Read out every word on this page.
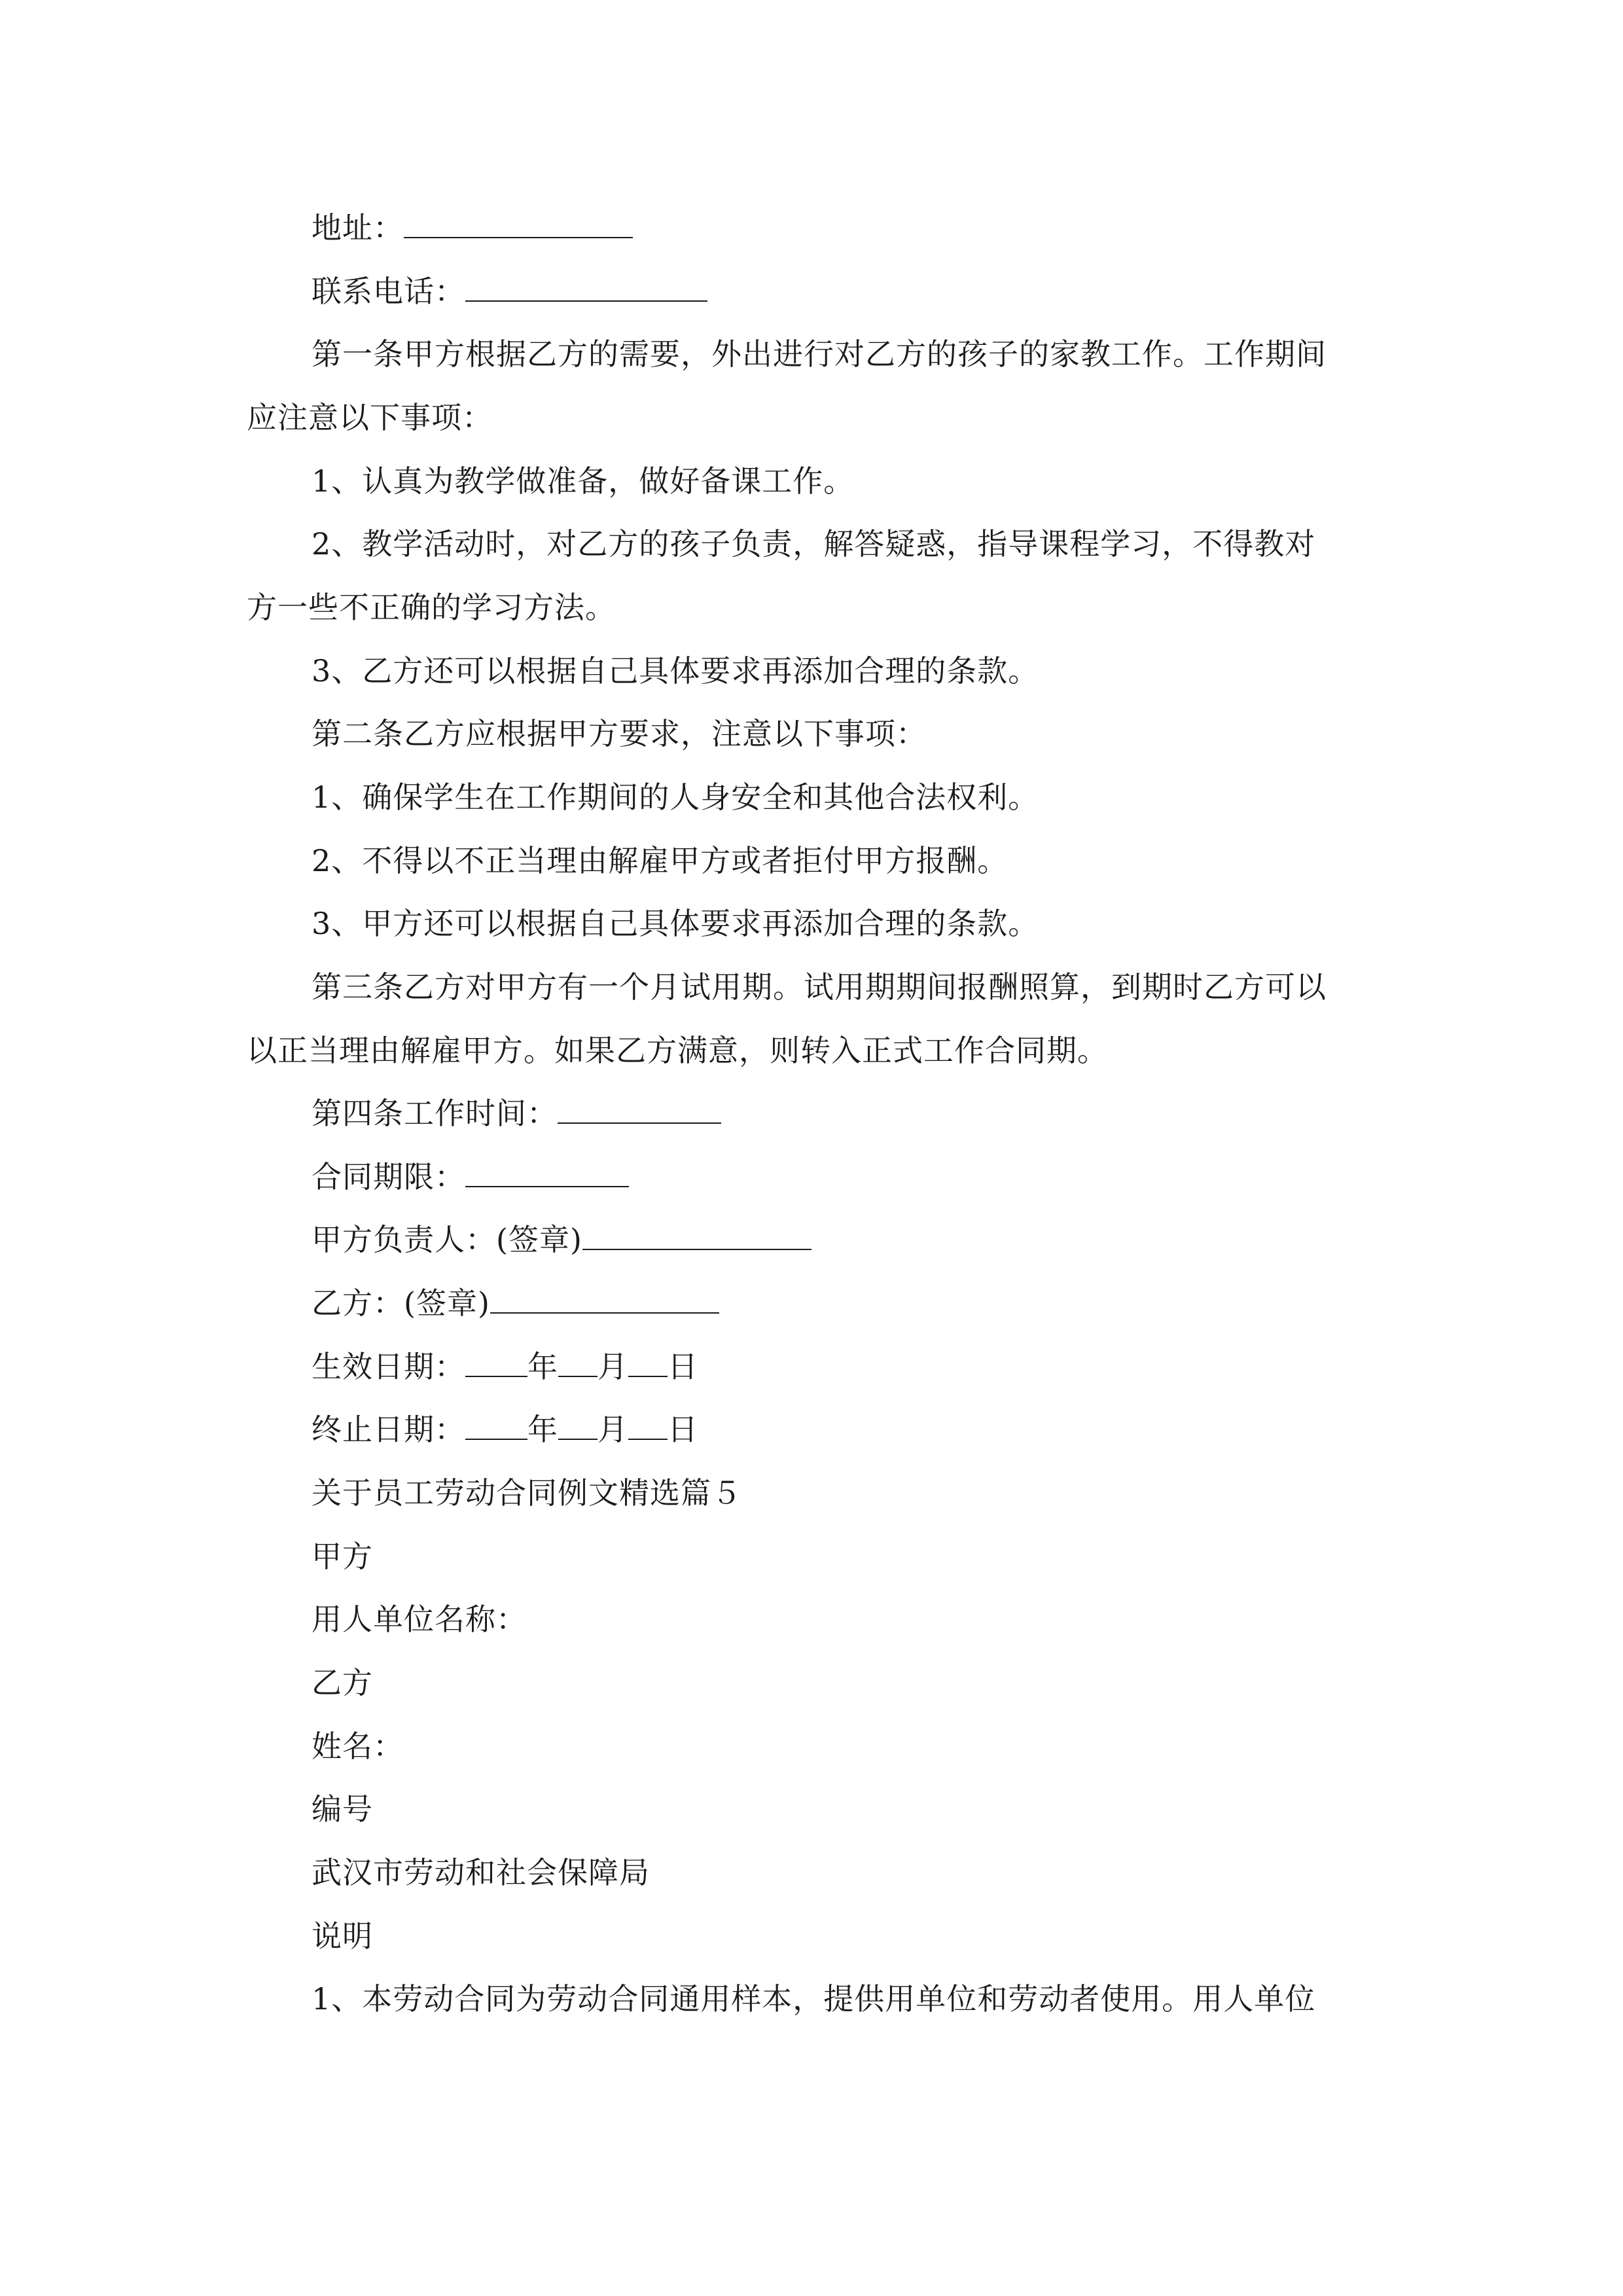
地址：
联系电话：
第一条甲方根据乙方的需要，外出进行对乙方的孩子的家教工作。工作期间
应注意以下事项：
1、认真为教学做准备，做好备课工作。
2、教学活动时，对乙方的孩子负责，解答疑惑，指导课程学习，不得教对
方一些不正确的学习方法。
3、乙方还可以根据自己具体要求再添加合理的条款。
第二条乙方应根据甲方要求，注意以下事项：
1、确保学生在工作期间的人身安全和其他合法权利。
2、不得以不正当理由解雇甲方或者拒付甲方报酬。
3、甲方还可以根据自己具体要求再添加合理的条款。
第三条乙方对甲方有一个月试用期。试用期期间报酬照算，到期时乙方可以
以正当理由解雇甲方。如果乙方满意，则转入正式工作合同期。
第四条工作时间：
合同期限：
甲方负责人：(签章)
乙方：(签章)
生效日期： 年 月 日
终止日期： 年 月 日
关于员工劳动合同例文精选篇５
甲方
用人单位名称：
乙方
姓名：
编号
武汉市劳动和社会保障局
说明
1、本劳动合同为劳动合同通用样本，提供用单位和劳动者使用。用人单位
